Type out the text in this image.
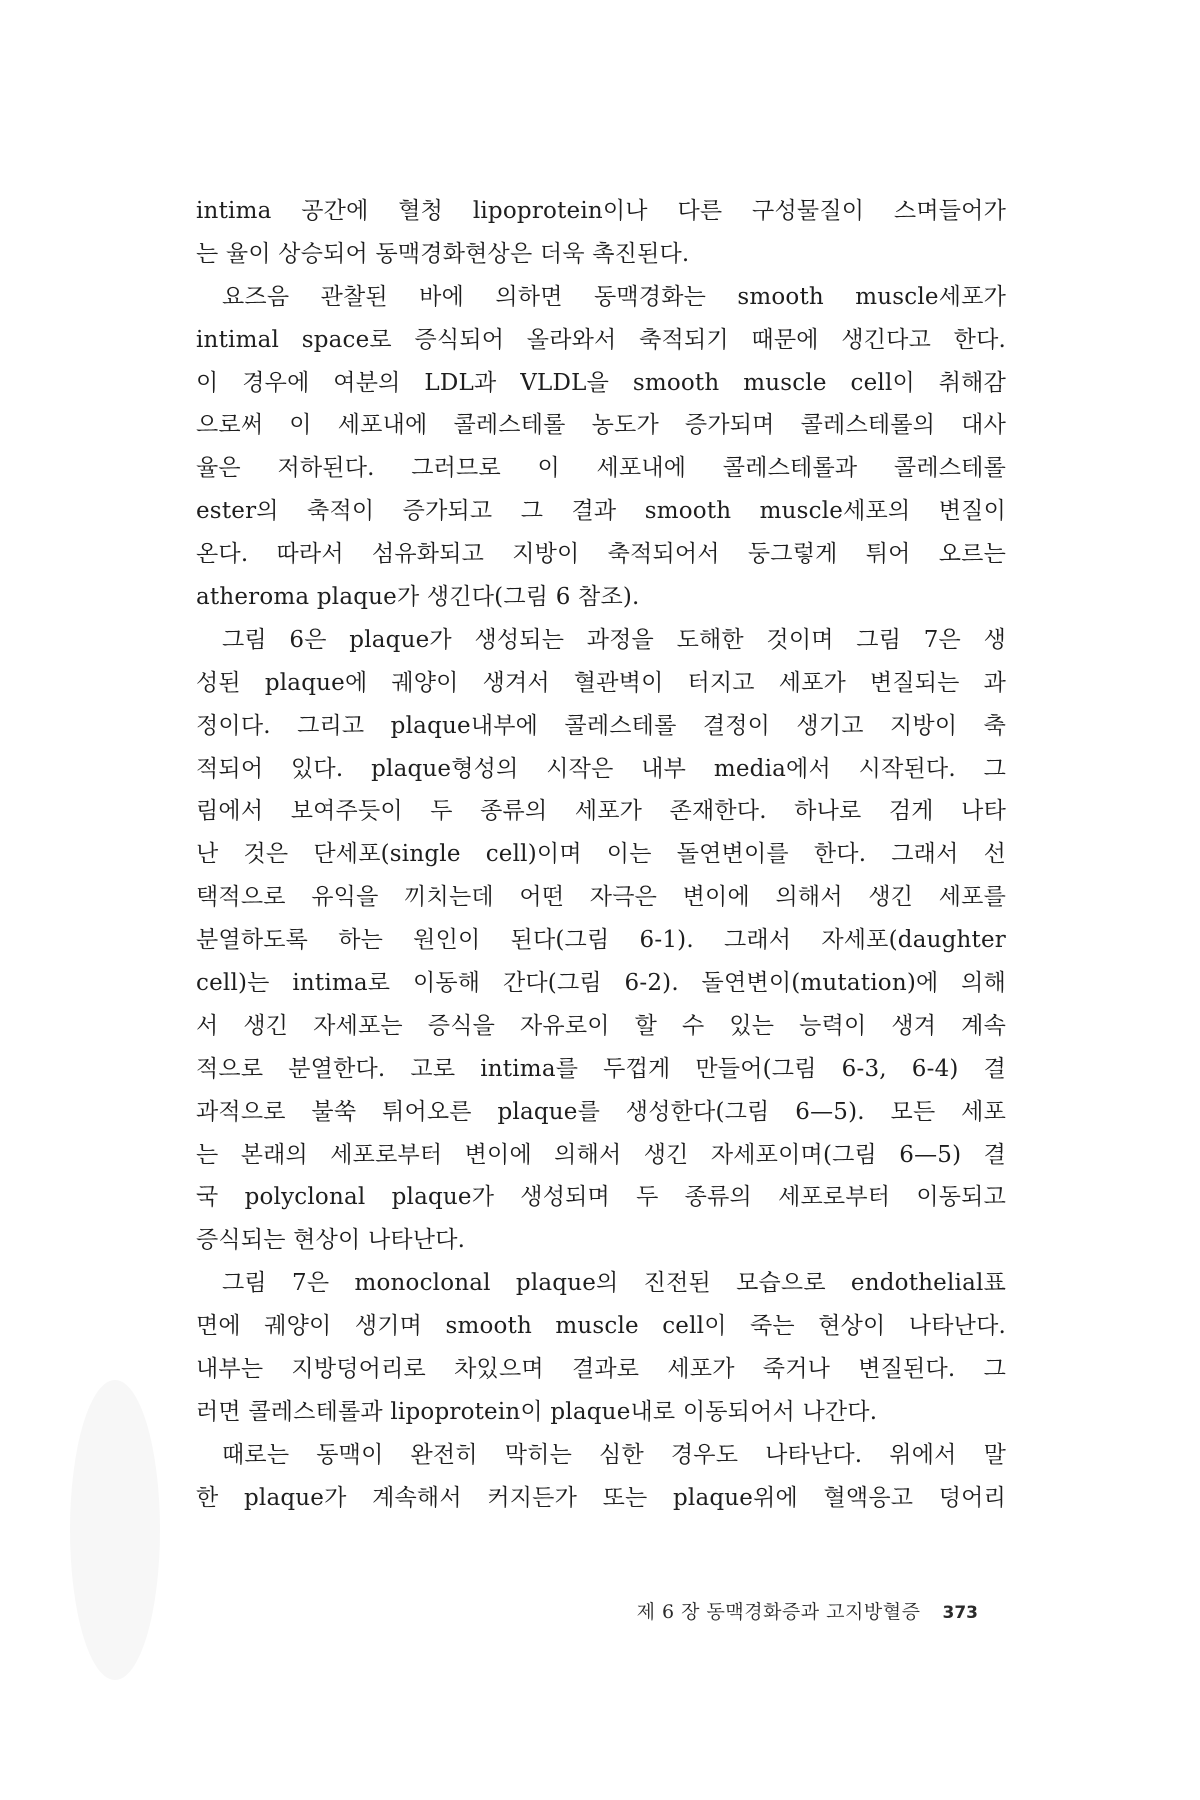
intima 공간에 혈청 lipoprotein이나 다른 구성물질이 스며들어가
는 율이 상승되어 동맥경화현상은 더욱 촉진된다.
요즈음 관찰된 바에 의하면 동맥경화는 smooth muscle세포가
intimal space로 증식되어 올라와서 축적되기 때문에 생긴다고 한다.
이 경우에 여분의 LDL과 VLDL을 smooth muscle cell이 취해감
으로써 이 세포내에 콜레스테롤 농도가 증가되며 콜레스테롤의 대사
율은 저하된다. 그러므로 이 세포내에 콜레스테롤과 콜레스테롤
ester의 축적이 증가되고 그 결과 smooth muscle세포의 변질이
온다. 따라서 섬유화되고 지방이 축적되어서 둥그렇게 튀어 오르는
atheroma plaque가 생긴다(그림 6 참조).
그림 6은 plaque가 생성되는 과정을 도해한 것이며 그림 7은 생
성된 plaque에 궤양이 생겨서 혈관벽이 터지고 세포가 변질되는 과
정이다. 그리고 plaque내부에 콜레스테롤 결정이 생기고 지방이 축
적되어 있다. plaque형성의 시작은 내부 media에서 시작된다. 그
림에서 보여주듯이 두 종류의 세포가 존재한다. 하나로 검게 나타
난 것은 단세포(single cell)이며 이는 돌연변이를 한다. 그래서 선
택적으로 유익을 끼치는데 어떤 자극은 변이에 의해서 생긴 세포를
분열하도록 하는 원인이 된다(그림 6-1). 그래서 자세포(daughter
cell)는 intima로 이동해 간다(그림 6-2). 돌연변이(mutation)에 의해
서 생긴 자세포는 증식을 자유로이 할 수 있는 능력이 생겨 계속
적으로 분열한다. 고로 intima를 두껍게 만들어(그림 6-3, 6-4) 결
과적으로 불쑥 튀어오른 plaque를 생성한다(그림 6—5). 모든 세포
는 본래의 세포로부터 변이에 의해서 생긴 자세포이며(그림 6—5) 결
국 polyclonal plaque가 생성되며 두 종류의 세포로부터 이동되고
증식되는 현상이 나타난다.
그림 7은 monoclonal plaque의 진전된 모습으로 endothelial표
면에 궤양이 생기며 smooth muscle cell이 죽는 현상이 나타난다.
내부는 지방덩어리로 차있으며 결과로 세포가 죽거나 변질된다. 그
러면 콜레스테롤과 lipoprotein이 plaque내로 이동되어서 나간다.
때로는 동맥이 완전히 막히는 심한 경우도 나타난다. 위에서 말
한 plaque가 계속해서 커지든가 또는 plaque위에 혈액응고 덩어리
제 6 장 동맥경화증과 고지방혈증 373
